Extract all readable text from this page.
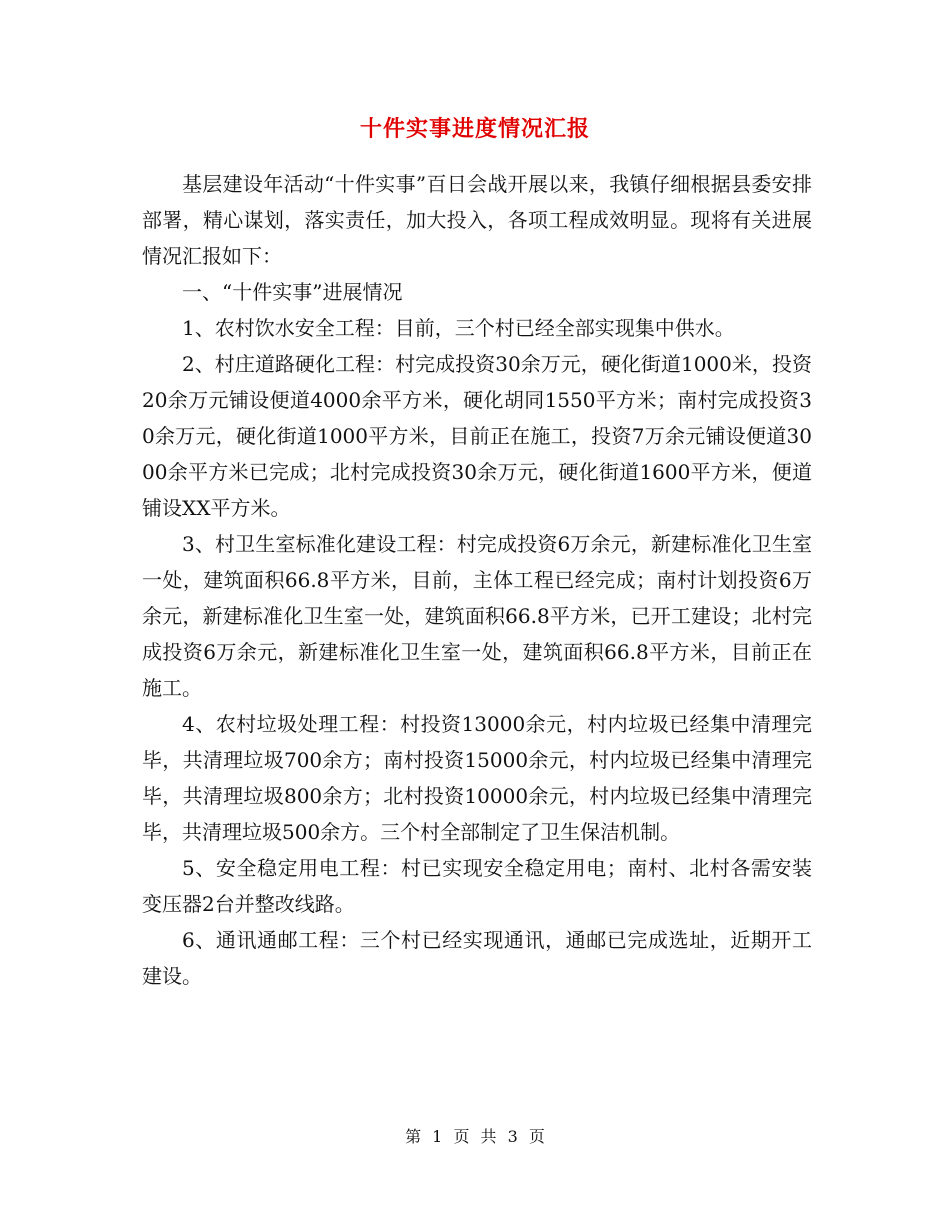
十件实事进度情况汇报

基层建设年活动“十件实事”百日会战开展以来，我镇仔细根据县委安排部署，精心谋划，落实责任，加大投入，各项工程成效明显。现将有关进展情况汇报如下：

一、“十件实事”进展情况

1、农村饮水安全工程：目前，三个村已经全部实现集中供水。

2、村庄道路硬化工程：村完成投资30余万元，硬化街道1000米，投资20余万元铺设便道4000余平方米，硬化胡同1550平方米；南村完成投资30余万元，硬化街道1000平方米，目前正在施工，投资7万余元铺设便道3000余平方米已完成；北村完成投资30余万元，硬化街道1600平方米，便道铺设XX平方米。

3、村卫生室标准化建设工程：村完成投资6万余元，新建标准化卫生室一处，建筑面积66.8平方米，目前，主体工程已经完成；南村计划投资6万余元，新建标准化卫生室一处，建筑面积66.8平方米，已开工建设；北村完成投资6万余元，新建标准化卫生室一处，建筑面积66.8平方米，目前正在施工。

4、农村垃圾处理工程：村投资13000余元，村内垃圾已经集中清理完毕，共清理垃圾700余方；南村投资15000余元，村内垃圾已经集中清理完毕，共清理垃圾800余方；北村投资10000余元，村内垃圾已经集中清理完毕，共清理垃圾500余方。三个村全部制定了卫生保洁机制。

5、安全稳定用电工程：村已实现安全稳定用电；南村、北村各需安装变压器2台并整改线路。

6、通讯通邮工程：三个村已经实现通讯，通邮已完成选址，近期开工建设。

第 1 页 共 3 页
